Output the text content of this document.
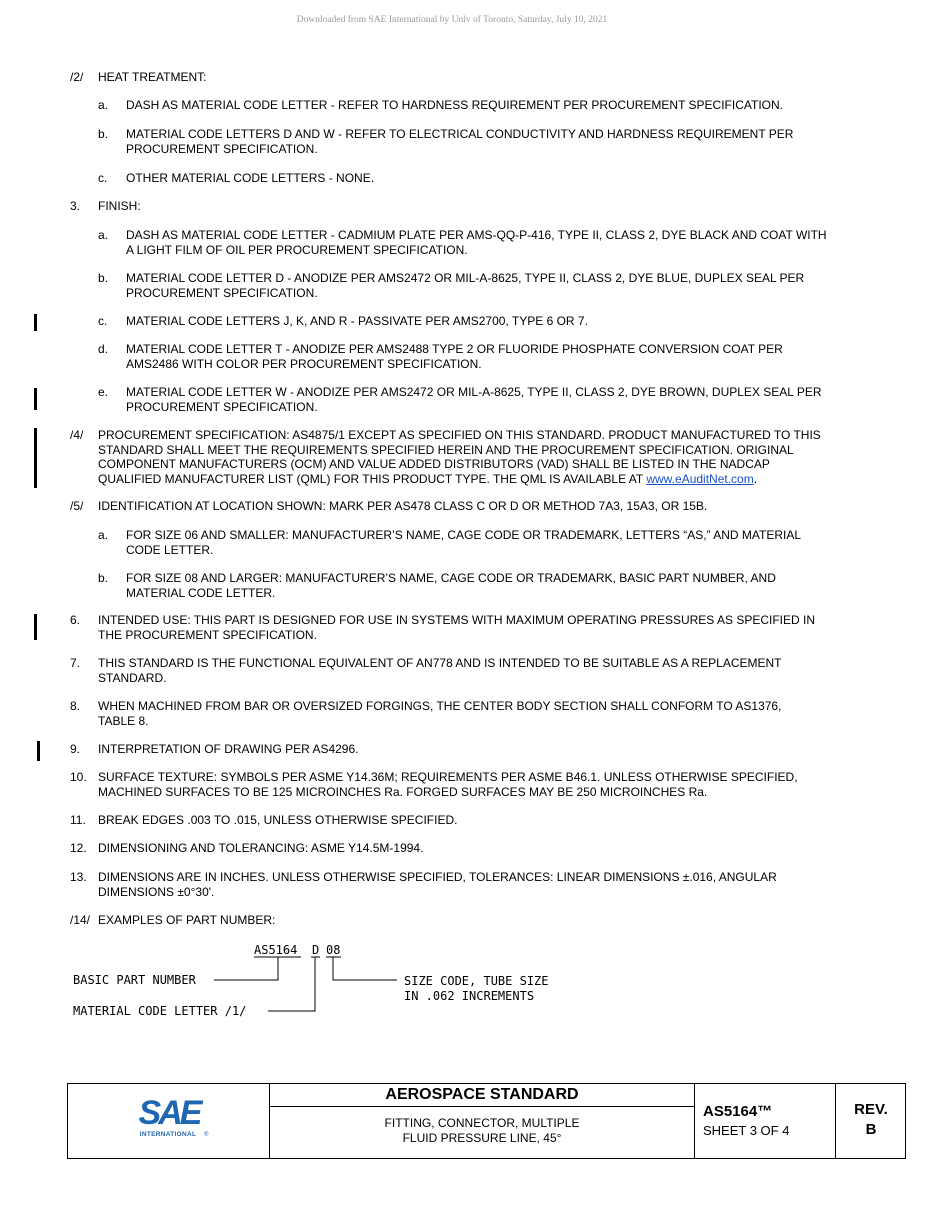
Downloaded from SAE International by Univ of Toronto, Saturday, July 10, 2021
/2/ HEAT TREATMENT:
a. DASH AS MATERIAL CODE LETTER - REFER TO HARDNESS REQUIREMENT PER PROCUREMENT SPECIFICATION.
b. MATERIAL CODE LETTERS D AND W - REFER TO ELECTRICAL CONDUCTIVITY AND HARDNESS REQUIREMENT PER
PROCUREMENT SPECIFICATION.
c. OTHER MATERIAL CODE LETTERS - NONE.
3. FINISH:
a. DASH AS MATERIAL CODE LETTER - CADMIUM PLATE PER AMS-QQ-P-416, TYPE II, CLASS 2, DYE BLACK AND COAT WITH
A LIGHT FILM OF OIL PER PROCUREMENT SPECIFICATION.
b. MATERIAL CODE LETTER D - ANODIZE PER AMS2472 OR MIL-A-8625, TYPE II, CLASS 2, DYE BLUE, DUPLEX SEAL PER
PROCUREMENT SPECIFICATION.
c. MATERIAL CODE LETTERS J, K, AND R - PASSIVATE PER AMS2700, TYPE 6 OR 7.
d. MATERIAL CODE LETTER T - ANODIZE PER AMS2488 TYPE 2 OR FLUORIDE PHOSPHATE CONVERSION COAT PER
AMS2486 WITH COLOR PER PROCUREMENT SPECIFICATION.
e. MATERIAL CODE LETTER W - ANODIZE PER AMS2472 OR MIL-A-8625, TYPE II, CLASS 2, DYE BROWN, DUPLEX SEAL PER
PROCUREMENT SPECIFICATION.
/4/ PROCUREMENT SPECIFICATION: AS4875/1 EXCEPT AS SPECIFIED ON THIS STANDARD. PRODUCT MANUFACTURED TO THIS
STANDARD SHALL MEET THE REQUIREMENTS SPECIFIED HEREIN AND THE PROCUREMENT SPECIFICATION. ORIGINAL
COMPONENT MANUFACTURERS (OCM) AND VALUE ADDED DISTRIBUTORS (VAD) SHALL BE LISTED IN THE NADCAP
QUALIFIED MANUFACTURER LIST (QML) FOR THIS PRODUCT TYPE. THE QML IS AVAILABLE AT www.eAuditNet.com.
/5/ IDENTIFICATION AT LOCATION SHOWN: MARK PER AS478 CLASS C OR D OR METHOD 7A3, 15A3, OR 15B.
a. FOR SIZE 06 AND SMALLER: MANUFACTURER’S NAME, CAGE CODE OR TRADEMARK, LETTERS “AS,” AND MATERIAL
CODE LETTER.
b. FOR SIZE 08 AND LARGER: MANUFACTURER’S NAME, CAGE CODE OR TRADEMARK, BASIC PART NUMBER, AND
MATERIAL CODE LETTER.
6. INTENDED USE: THIS PART IS DESIGNED FOR USE IN SYSTEMS WITH MAXIMUM OPERATING PRESSURES AS SPECIFIED IN
THE PROCUREMENT SPECIFICATION.
7. THIS STANDARD IS THE FUNCTIONAL EQUIVALENT OF AN778 AND IS INTENDED TO BE SUITABLE AS A REPLACEMENT
STANDARD.
8. WHEN MACHINED FROM BAR OR OVERSIZED FORGINGS, THE CENTER BODY SECTION SHALL CONFORM TO AS1376,
TABLE 8.
9. INTERPRETATION OF DRAWING PER AS4296.
10. SURFACE TEXTURE: SYMBOLS PER ASME Y14.36M; REQUIREMENTS PER ASME B46.1. UNLESS OTHERWISE SPECIFIED,
MACHINED SURFACES TO BE 125 MICROINCHES Ra. FORGED SURFACES MAY BE 250 MICROINCHES Ra.
11. BREAK EDGES .003 TO .015, UNLESS OTHERWISE SPECIFIED.
12. DIMENSIONING AND TOLERANCING: ASME Y14.5M-1994.
13. DIMENSIONS ARE IN INCHES. UNLESS OTHERWISE SPECIFIED, TOLERANCES: LINEAR DIMENSIONS ±.016, ANGULAR
DIMENSIONS ±0°30'.
/14/ EXAMPLES OF PART NUMBER:
AS5164 D 08
BASIC PART NUMBER
MATERIAL CODE LETTER /1/
SIZE CODE, TUBE SIZE
IN .062 INCREMENTS
SAE
INTERNATIONAL ®
AEROSPACE STANDARD
FITTING, CONNECTOR, MULTIPLE
FLUID PRESSURE LINE, 45°
AS5164™
SHEET 3 OF 4
REV.
B
